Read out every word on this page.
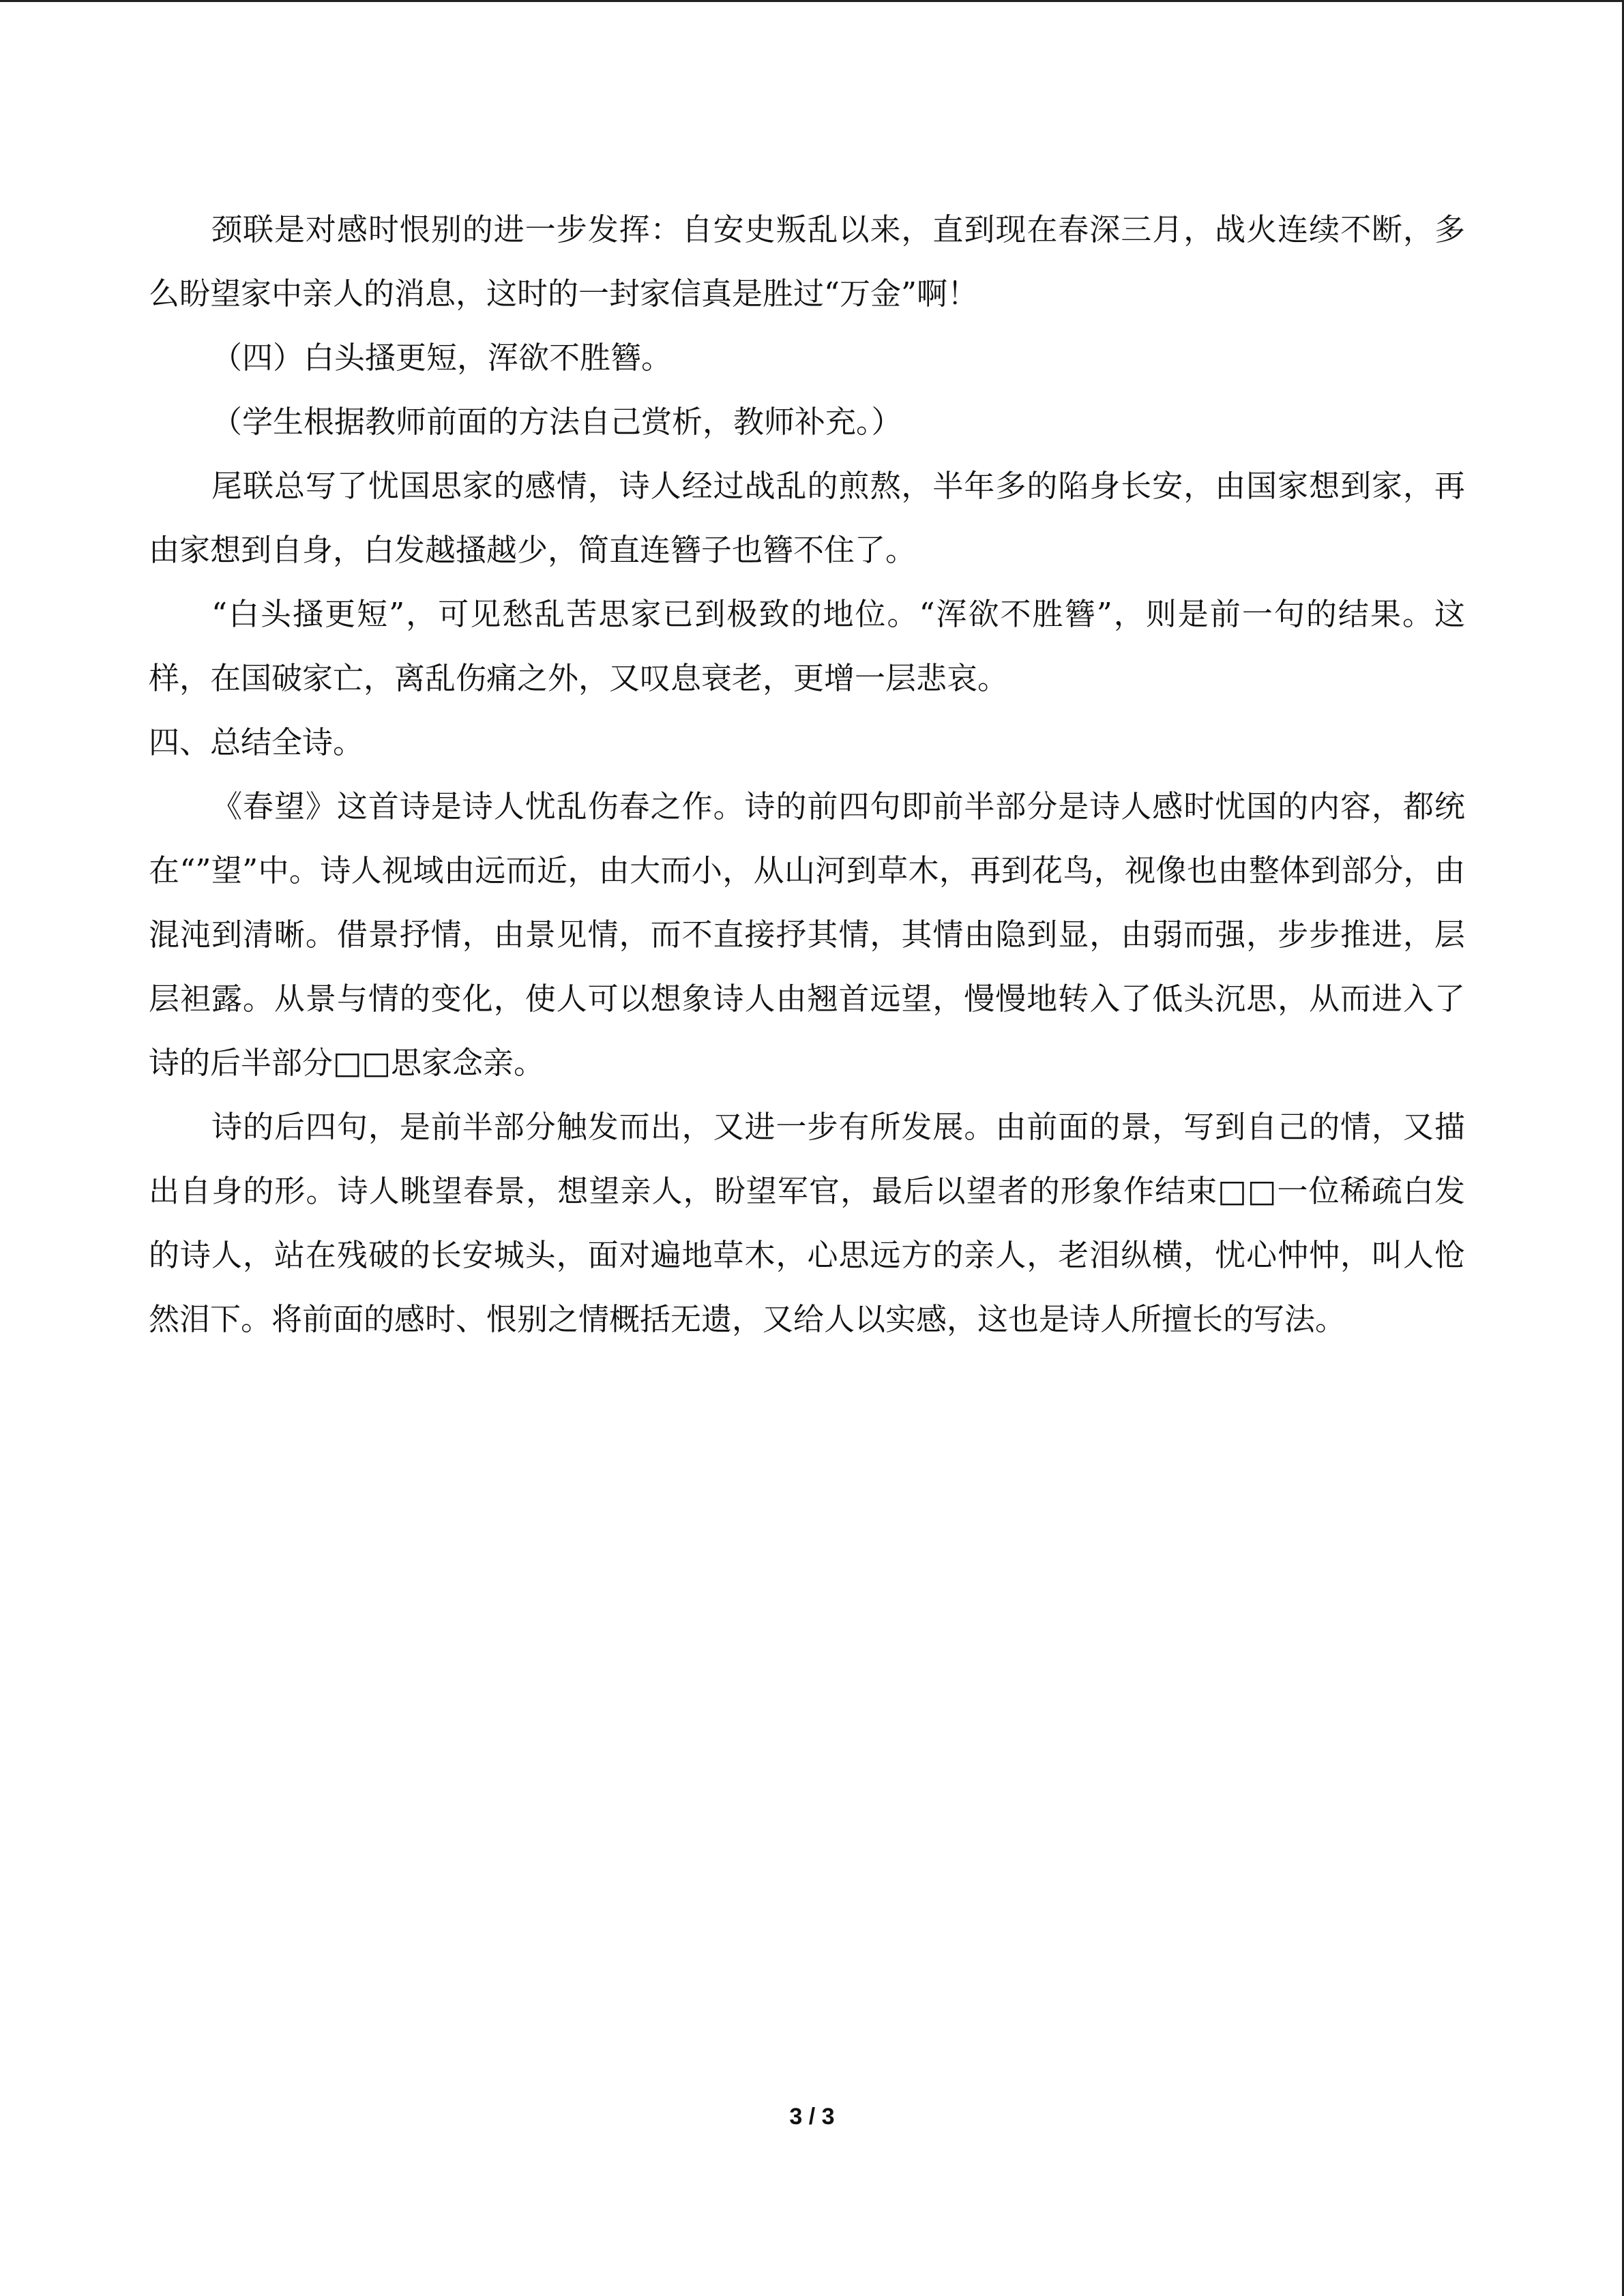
颈联是对感时恨别的进一步发挥：自安史叛乱以来，直到现在春深三月，战火连续不断，多么盼望家中亲人的消息，这时的一封家信真是胜过“万金”啊！

（四）白头搔更短，浑欲不胜簪。

（学生根据教师前面的方法自己赏析，教师补充。）

尾联总写了忧国思家的感情，诗人经过战乱的煎熬，半年多的陷身长安，由国家想到家，再由家想到自身，白发越搔越少，简直连簪子也簪不住了。

“白头搔更短”，可见愁乱苦思家已到极致的地位。“浑欲不胜簪”，则是前一句的结果。这样，在国破家亡，离乱伤痛之外，又叹息衰老，更增一层悲哀。

四、总结全诗。

《春望》这首诗是诗人忧乱伤春之作。诗的前四句即前半部分是诗人感时忧国的内容，都统在“”望”中。诗人视域由远而近，由大而小，从山河到草木，再到花鸟，视像也由整体到部分，由混沌到清晰。借景抒情，由景见情，而不直接抒其情，其情由隐到显，由弱而强，步步推进，层层袒露。从景与情的变化，使人可以想象诗人由翘首远望，慢慢地转入了低头沉思，从而进入了诗的后半部分□□思家念亲。

诗的后四句，是前半部分触发而出，又进一步有所发展。由前面的景，写到自己的情，又描出自身的形。诗人眺望春景，想望亲人，盼望军官，最后以望者的形象作结束□□一位稀疏白发的诗人，站在残破的长安城头，面对遍地草木，心思远方的亲人，老泪纵横，忧心忡忡，叫人怆然泪下。将前面的感时、恨别之情概括无遗，又给人以实感，这也是诗人所擅长的写法。

3 / 3
